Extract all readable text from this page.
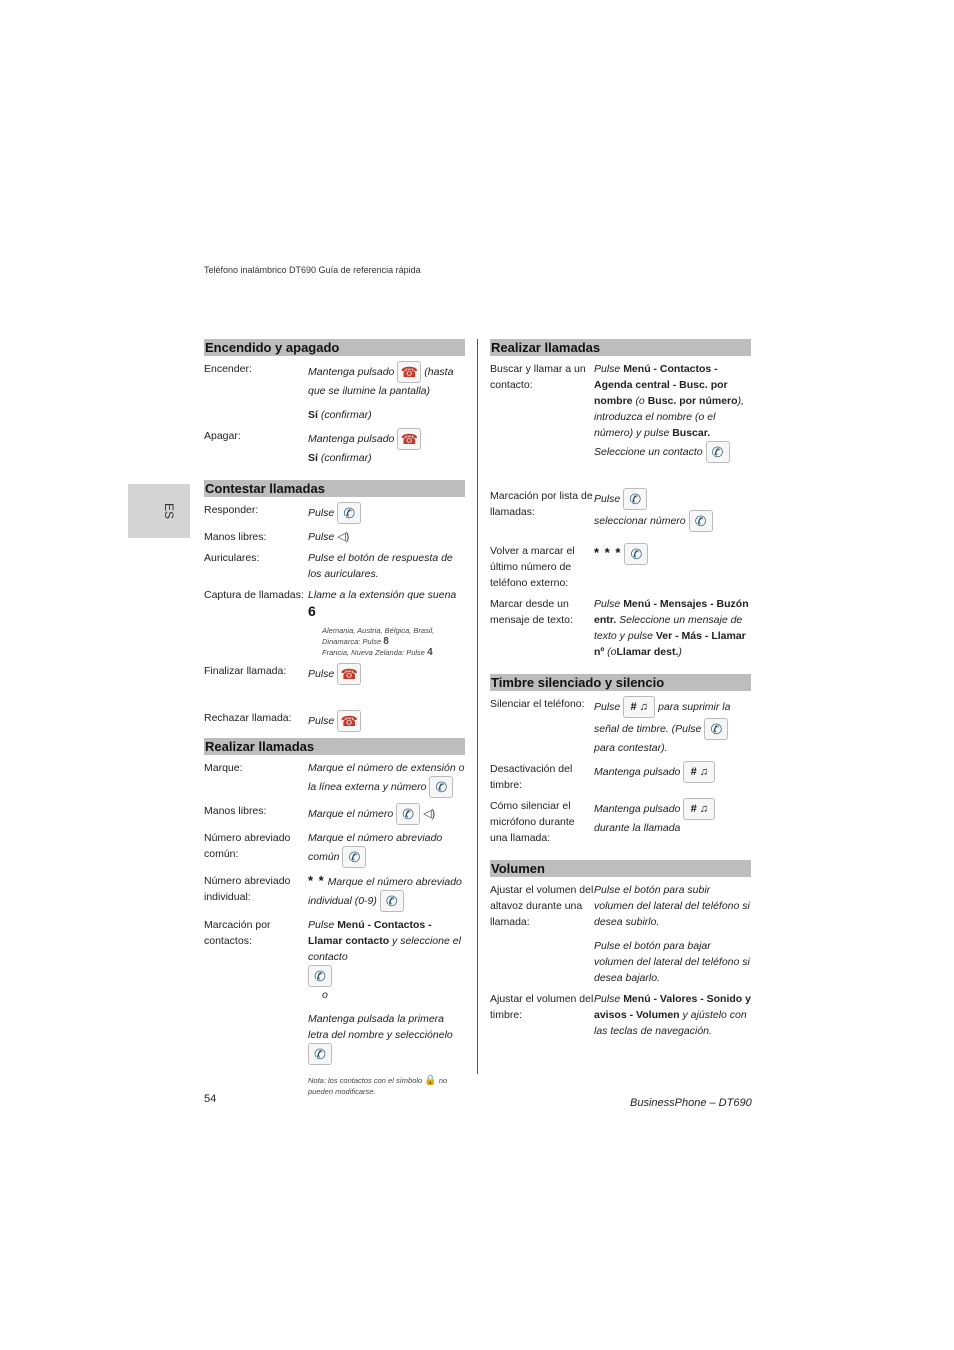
Teléfono inalámbrico DT690 Guía de referencia rápida
ES
Encendido y apagado
Encender:	Mantenga pulsado ☎ (hasta que se ilumine la pantalla)

Sí (confirmar)
Apagar:	Mantenga pulsado ☎
Sí (confirmar)
Contestar llamadas
Responder:	Pulse ✆
Manos libres:	Pulse ◁)
Auriculares:	Pulse el botón de respuesta de los auriculares.
Captura de llamadas: Llame a la extensión que suena 6
Alemania, Austria, Bélgica, Brasil,
Dinamarca: Pulse 8
Francia, Nueva Zelanda: Pulse 4
Finalizar llamada:	Pulse ☎
Rechazar llamada:	Pulse ☎
Realizar llamadas
Marque:	Marque el número de extensión o la línea externa y número ✆
Manos libres:	Marque el número ✆ ◁)
Número abreviado común:
Marque el número abreviado común ✆
Número abreviado individual:
* * Marque el número abreviado individual (0-9) ✆
Marcación por contactos:
Pulse Menú - Contactos - Llamar contacto y seleccione el contacto
✆
o
Mantenga pulsada la primera letra del nombre y selecciónelo ✆
Nota: los contactos con el símbolo 🔒 no pueden modificarse.
Realizar llamadas
Buscar y llamar a un contacto:
Pulse Menú - Contactos - Agenda central - Busc. por nombre (o Busc. por número), introduzca el nombre (o el número) y pulse Buscar. Seleccione un contacto ✆
Marcación por lista de llamadas:
Pulse ✆
seleccionar número ✆
Volver a marcar el último número de teléfono externo:
* * * ✆
Marcar desde un mensaje de texto:
Pulse Menú - Mensajes - Buzón entr. Seleccione un mensaje de texto y pulse Ver - Más - Llamar nº (oLlamar dest.)
Timbre silenciado y silencio
Silenciar el teléfono: Pulse # ♫ para suprimir la señal de timbre. (Pulse ✆ para contestar).
Desactivación del timbre:
Mantenga pulsado # ♫
Cómo silenciar el micrófono durante una llamada:
Mantenga pulsado # ♫ durante la llamada
Volumen
Ajustar el volumen del altavoz durante una llamada:
Pulse el botón para subir volumen del lateral del teléfono si desea subirlo.
Pulse el botón para bajar volumen del lateral del teléfono si desea bajarlo.
Ajustar el volumen del timbre:
Pulse Menú - Valores - Sonido y avisos - Volumen y ajústelo con las teclas de navegación.
54	BusinessPhone – DT690
